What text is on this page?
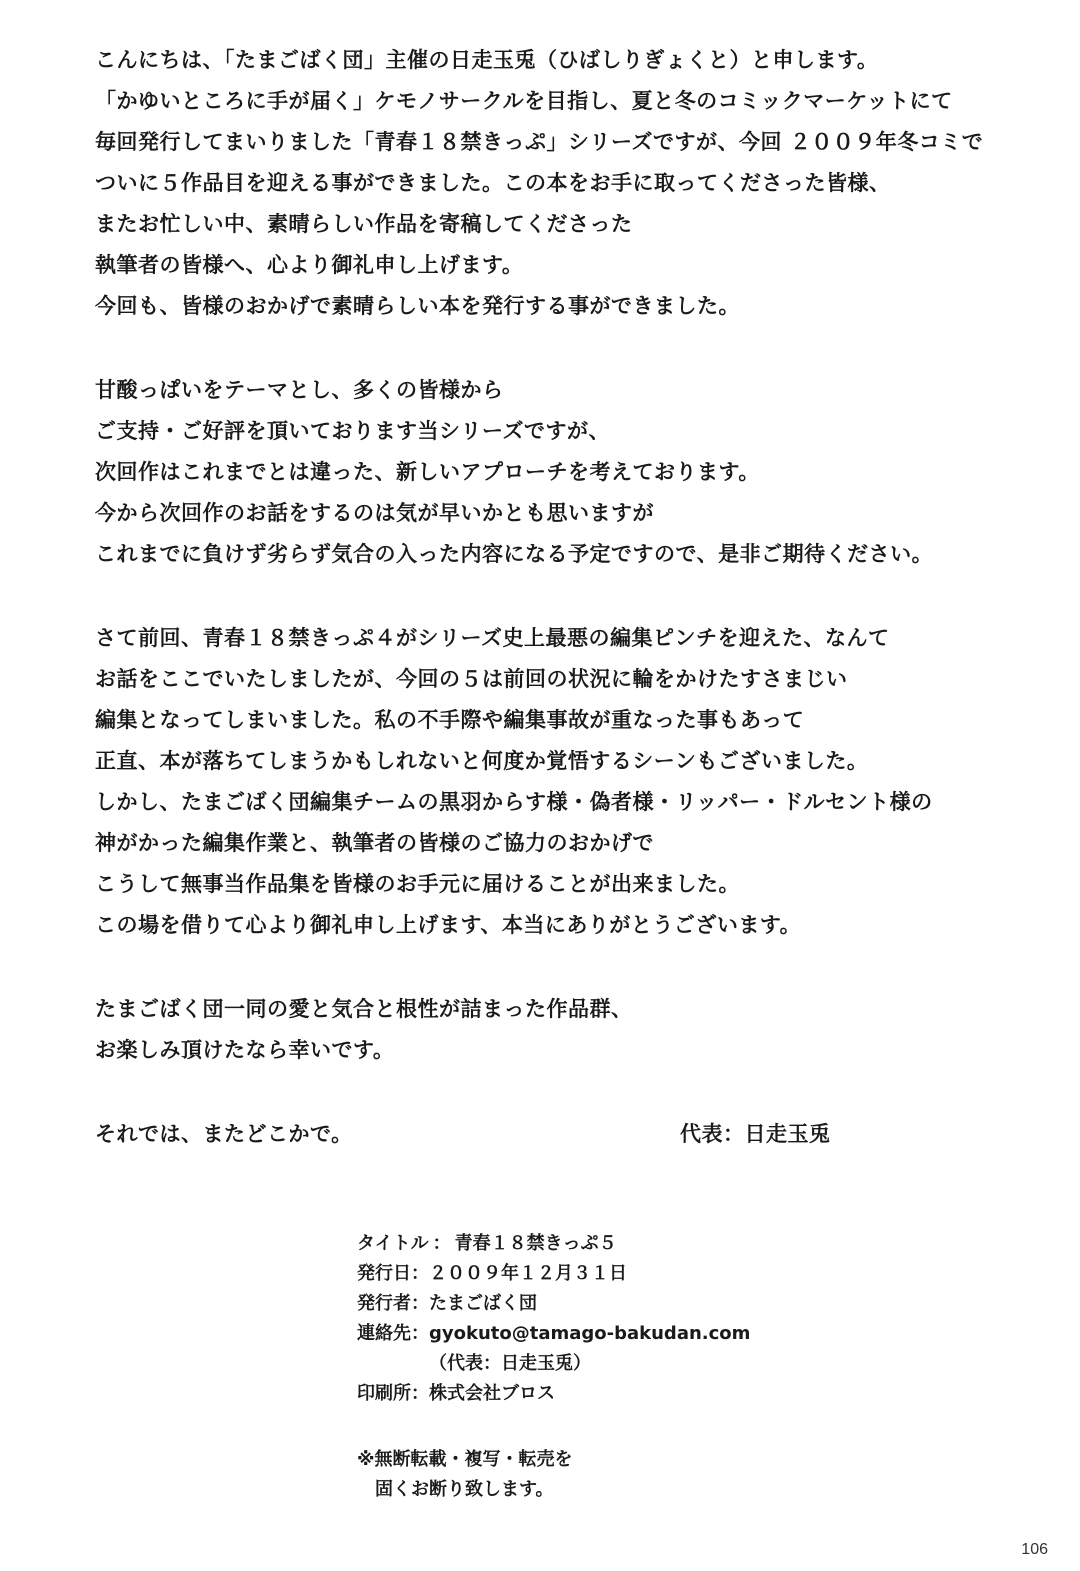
こんにちは、「たまごばく団」主催の日走玉兎（ひばしりぎょくと）と申します。
「かゆいところに手が届く」ケモノサークルを目指し、夏と冬のコミックマーケットにて
毎回発行してまいりました「青春１８禁きっぷ」シリーズですが、今回 ２００９年冬コミで
ついに５作品目を迎える事ができました。この本をお手に取ってくださった皆様、
またお忙しい中、素晴らしい作品を寄稿してくださった
執筆者の皆様へ、心より御礼申し上げます。
今回も、皆様のおかげで素晴らしい本を発行する事ができました。
甘酸っぱいをテーマとし、多くの皆様から
ご支持・ご好評を頂いております当シリーズですが、
次回作はこれまでとは違った、新しいアプローチを考えております。
今から次回作のお話をするのは気が早いかとも思いますが
これまでに負けず劣らず気合の入った内容になる予定ですので、是非ご期待ください。
さて前回、青春１８禁きっぷ４がシリーズ史上最悪の編集ピンチを迎えた、なんて
お話をここでいたしましたが、今回の５は前回の状況に輪をかけたすさまじい
編集となってしまいました。私の不手際や編集事故が重なった事もあって
正直、本が落ちてしまうかもしれないと何度か覚悟するシーンもございました。
しかし、たまごばく団編集チームの黒羽からす様・偽者様・リッパー・ドルセント様の
神がかった編集作業と、執筆者の皆様のご協力のおかげで
こうして無事当作品集を皆様のお手元に届けることが出来ました。
この場を借りて心より御礼申し上げます、本当にありがとうございます。
たまごばく団一同の愛と気合と根性が詰まった作品群、
お楽しみ頂けたなら幸いです。
それでは、またどこかで。	代表：日走玉兎
タイトル ： 青春１８禁きっぷ５
発行日：２００９年１２月３１日
発行者：たまごばく団
連絡先：gyokuto@tamago-bakudan.com
（代表：日走玉兎）
印刷所：株式会社ブロス
※無断転載・複写・転売を
固くお断り致します。
106
